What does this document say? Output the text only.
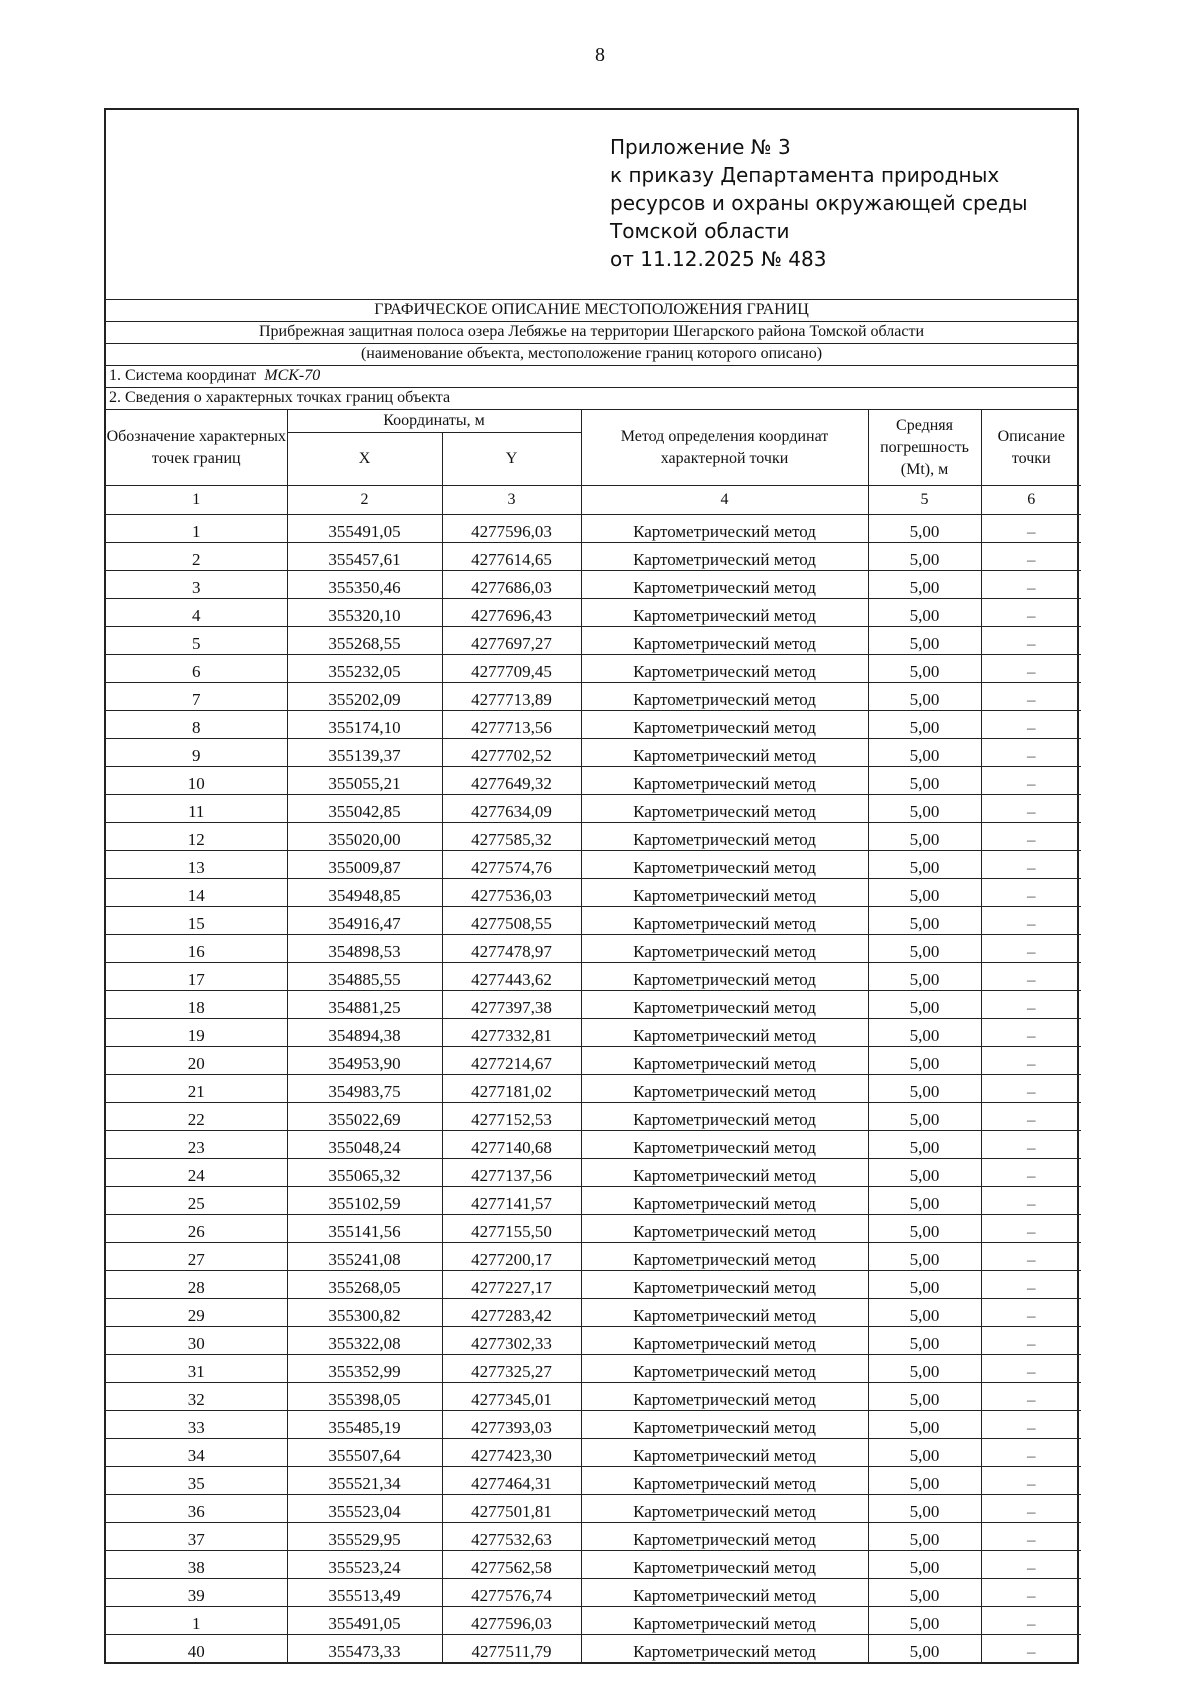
8
Приложение № 3
к приказу Департамента природных
ресурсов и охраны окружающей среды
Томской области
от 11.12.2025 № 483
ГРАФИЧЕСКОЕ ОПИСАНИЕ МЕСТОПОЛОЖЕНИЯ ГРАНИЦ
Прибрежная защитная полоса озера Лебяжье на территории Шегарского района Томской области
(наименование объекта, местоположение границ которого описано)
1. Система координат МСК-70
2. Сведения о характерных точках границ объекта
Обозначение характерных точек границ	Координаты, м		Метод определения координат характерной точки	Средняя погрешность (Mt), м	Описание точки
	X	Y			
1	2	3	4	5	6
1	355491,05	4277596,03	Картометрический метод	5,00	–
2	355457,61	4277614,65	Картометрический метод	5,00	–
3	355350,46	4277686,03	Картометрический метод	5,00	–
4	355320,10	4277696,43	Картометрический метод	5,00	–
5	355268,55	4277697,27	Картометрический метод	5,00	–
6	355232,05	4277709,45	Картометрический метод	5,00	–
7	355202,09	4277713,89	Картометрический метод	5,00	–
8	355174,10	4277713,56	Картометрический метод	5,00	–
9	355139,37	4277702,52	Картометрический метод	5,00	–
10	355055,21	4277649,32	Картометрический метод	5,00	–
11	355042,85	4277634,09	Картометрический метод	5,00	–
12	355020,00	4277585,32	Картометрический метод	5,00	–
13	355009,87	4277574,76	Картометрический метод	5,00	–
14	354948,85	4277536,03	Картометрический метод	5,00	–
15	354916,47	4277508,55	Картометрический метод	5,00	–
16	354898,53	4277478,97	Картометрический метод	5,00	–
17	354885,55	4277443,62	Картометрический метод	5,00	–
18	354881,25	4277397,38	Картометрический метод	5,00	–
19	354894,38	4277332,81	Картометрический метод	5,00	–
20	354953,90	4277214,67	Картометрический метод	5,00	–
21	354983,75	4277181,02	Картометрический метод	5,00	–
22	355022,69	4277152,53	Картометрический метод	5,00	–
23	355048,24	4277140,68	Картометрический метод	5,00	–
24	355065,32	4277137,56	Картометрический метод	5,00	–
25	355102,59	4277141,57	Картометрический метод	5,00	–
26	355141,56	4277155,50	Картометрический метод	5,00	–
27	355241,08	4277200,17	Картометрический метод	5,00	–
28	355268,05	4277227,17	Картометрический метод	5,00	–
29	355300,82	4277283,42	Картометрический метод	5,00	–
30	355322,08	4277302,33	Картометрический метод	5,00	–
31	355352,99	4277325,27	Картометрический метод	5,00	–
32	355398,05	4277345,01	Картометрический метод	5,00	–
33	355485,19	4277393,03	Картометрический метод	5,00	–
34	355507,64	4277423,30	Картометрический метод	5,00	–
35	355521,34	4277464,31	Картометрический метод	5,00	–
36	355523,04	4277501,81	Картометрический метод	5,00	–
37	355529,95	4277532,63	Картометрический метод	5,00	–
38	355523,24	4277562,58	Картометрический метод	5,00	–
39	355513,49	4277576,74	Картометрический метод	5,00	–
1	355491,05	4277596,03	Картометрический метод	5,00	–
40	355473,33	4277511,79	Картометрический метод	5,00	–
